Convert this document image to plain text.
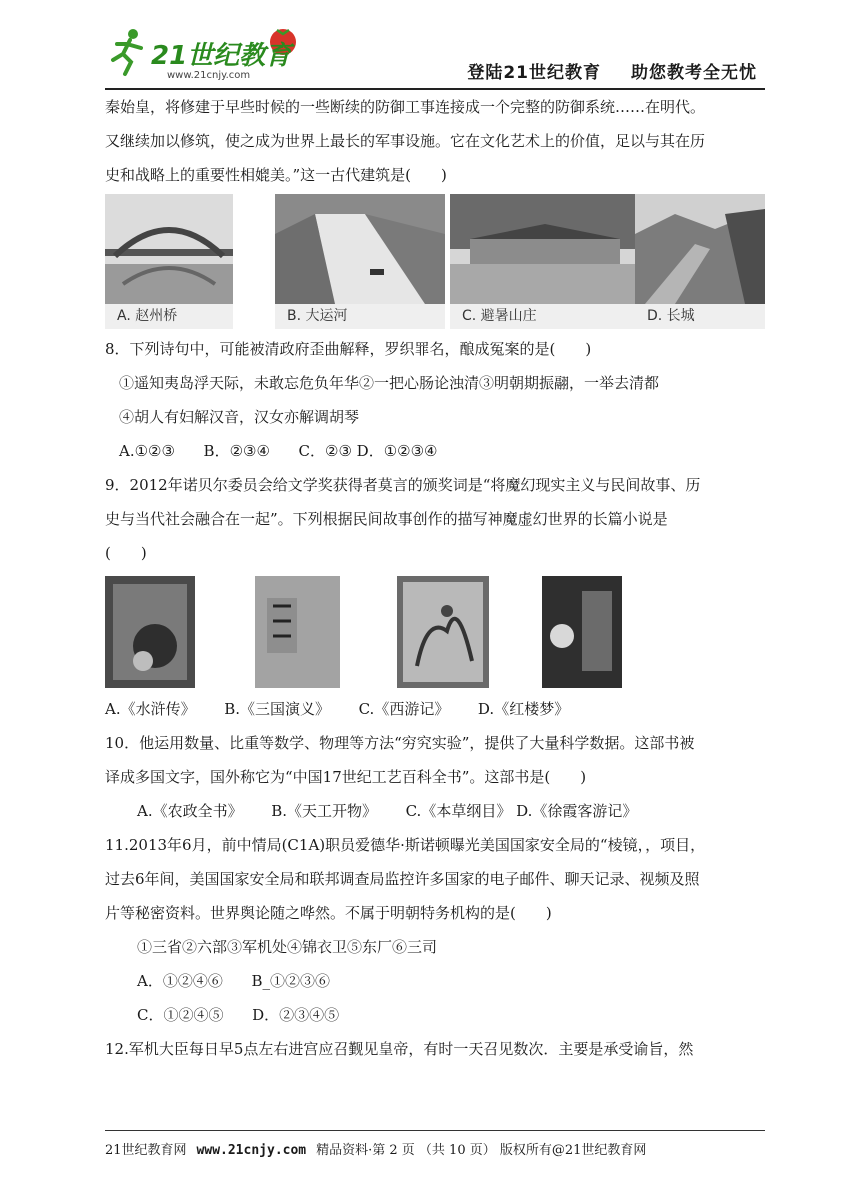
21世纪教育
www.21cnjy.com	登陆21世纪教育 助您教考全无忧
秦始皇，将修建于早些时候的一些断续的防御工事连接成一个完整的防御系统……在明代。
又继续加以修筑，使之成为世界上最长的军事设施。它在文化艺术上的价值，足以与其在历
史和战略上的重要性相媲美。”这一古代建筑是(　　)
A. 赵州桥	B. 大运河	C. 避暑山庄	D. 长城
8．下列诗句中，可能被清政府歪曲解释，罗织罪名，酿成冤案的是(　　)
①遥知夷岛浮天际，未敢忘危负年华②一把心肠论浊清③明朝期振翮，一举去清都
④胡人有妇解汉音，汉女亦解调胡琴
A.①②③      B．②③④      C．②③ D．①②③④
9．2012年诺贝尔委员会给文学奖获得者莫言的颁奖词是“将魔幻现实主义与民间故事、历
史与当代社会融合在一起”。下列根据民间故事创作的描写神魔虚幻世界的长篇小说是
(　　)
A.《水浒传》      B.《三国演义》      C.《西游记》      D.《红楼梦》
10．他运用数量、比重等数学、物理等方法“穷究实验”，提供了大量科学数据。这部书被
译成多国文字，国外称它为“中国17世纪工艺百科全书”。这部书是(　　)
A.《农政全书》      B.《天工开物》      C.《本草纲目》 D.《徐霞客游记》
11.2013年6月，前中情局(C1A)职员爱德华·斯诺顿曝光美国国家安全局的“棱镜，，项目，
过去6年间，美国国家安全局和联邦调查局监控许多国家的电子邮件、聊天记录、视频及照
片等秘密资料。世界舆论随之哗然。不属于明朝特务机构的是(　　)
①三省②六部③军机处④锦衣卫⑤东厂⑥三司
A．①②④⑥      B_①②③⑥
C．①②④⑤      D．②③④⑤
12.军机大臣每日早5点左右进宫应召觐见皇帝，有时一天召见数次．主要是承受谕旨，然
21世纪教育网 www.21cnjy.com 精品资料·第 2 页 （共 10 页） 版权所有@21世纪教育网
